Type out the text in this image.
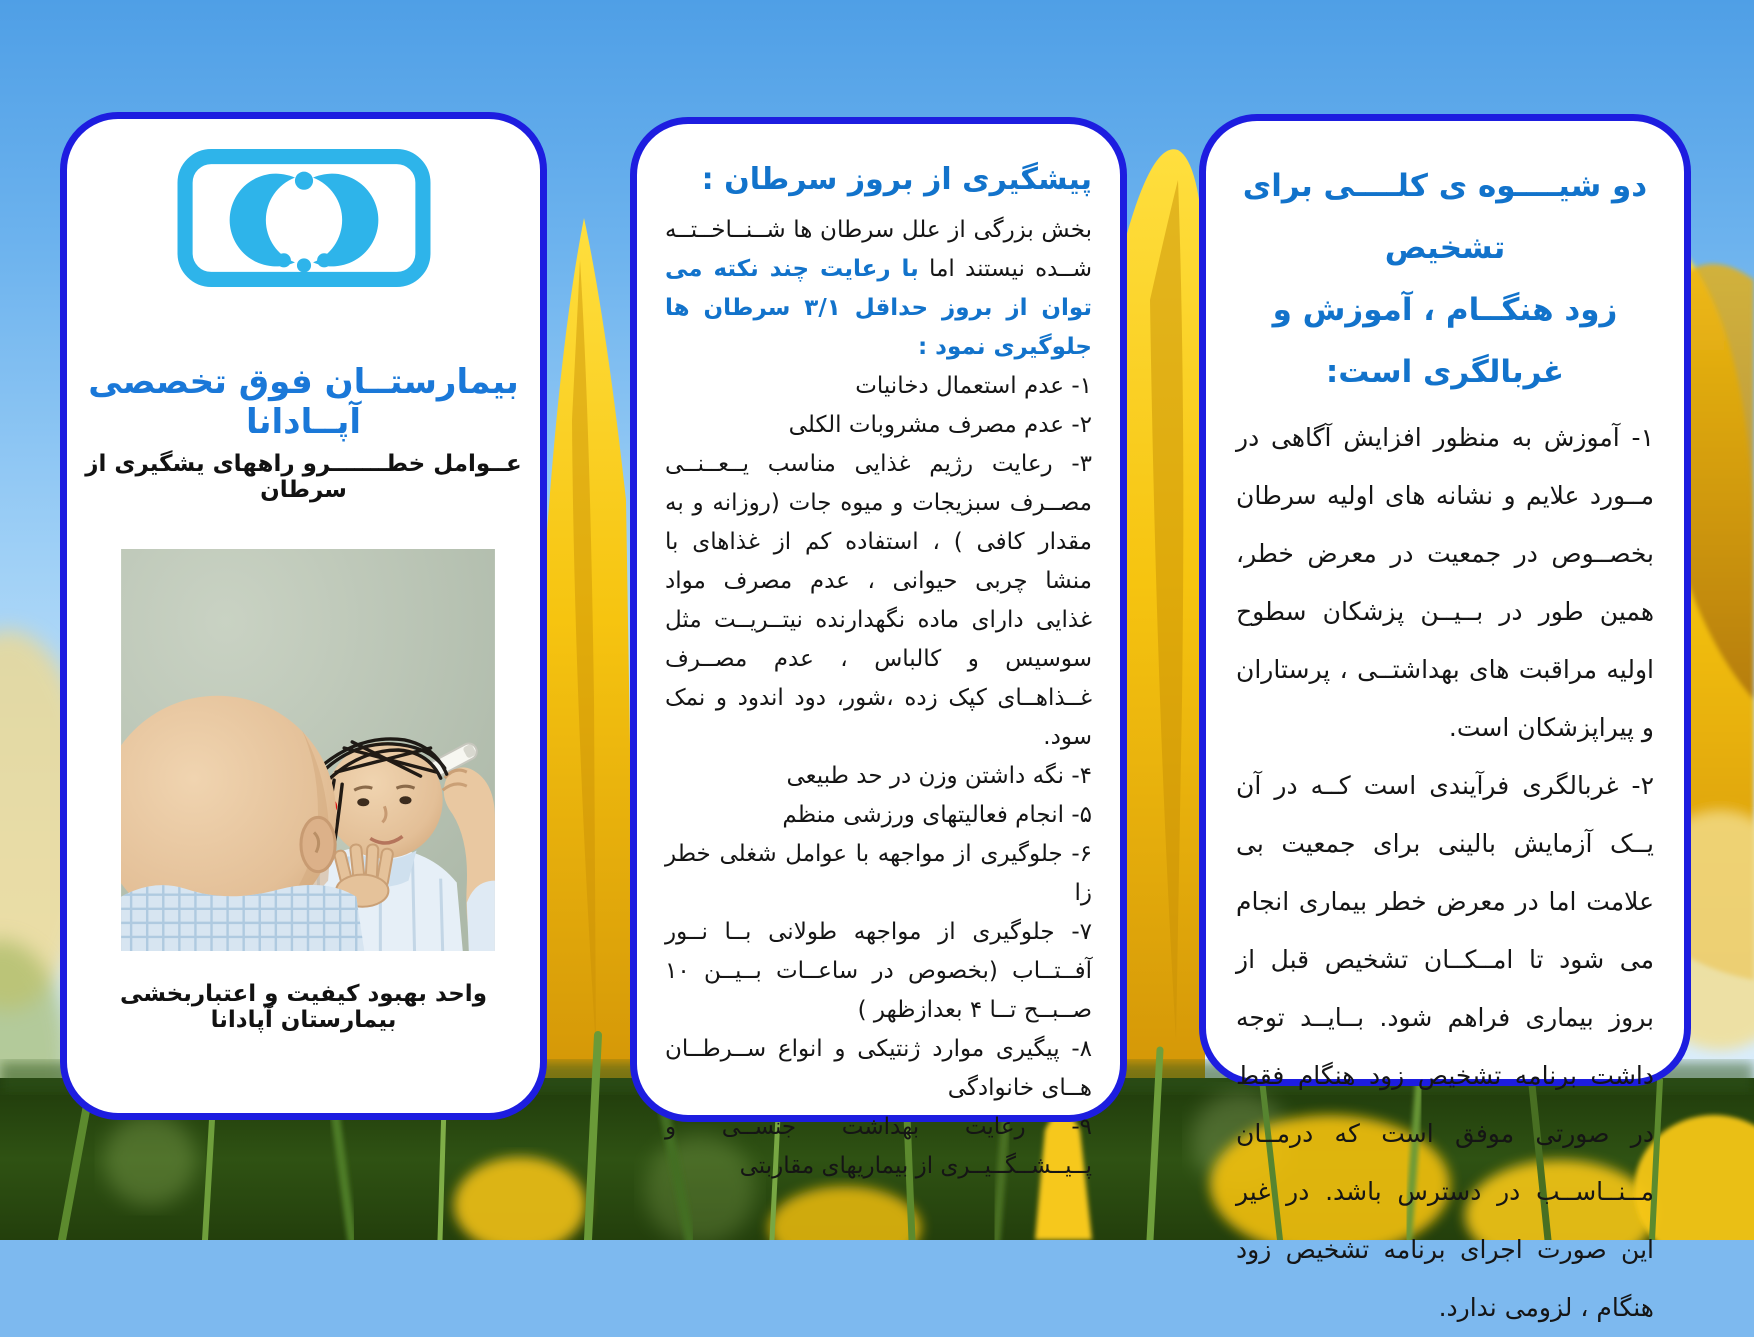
بیمارستــان فوق تخصصی آپــادانا
عــوامل خطـــــــرو راههای یشگیری از سرطان
واحد بهبود کیفیت و اعتباربخشی بیمارستان آپادانا
پیشگیری از بروز سرطان :

بخش بزرگی از علل سرطان ها شــنــاخــتــه شــده نیستند اما با رعایت چند نکته می توان از بروز حداقل ۳/۱ سرطان ها جلوگیری نمود :

۱- عدم استعمال دخانیات

۲- عدم مصرف مشروبات الکلی

۳- رعایت رژیم غذایی مناسب یــعــنــی مصــرف سبزیجات و میوه جات (روزانه و به مقدار کافی ) ، استفاده کم از غذاهای با منشا چربی حیوانی ، عدم مصرف مواد غذایی دارای ماده نگهدارنده نیتــریــت مثل سوسیس و کالباس ، عدم مصــرف غــذاهــای کپک زده ،شور، دود اندود و نمک سود.

۴- نگه داشتن وزن در حد طبیعی

۵- انجام فعالیتهای ورزشی منظم

۶- جلوگیری از مواجهه با عوامل شغلی خطر زا

۷- جلوگیری از مواجهه طولانی بــا نــور آفــتــاب (بخصوص در ساعــات بــیــن ۱۰ صــبــح تــا ۴ بعدازظهر )

۸- پیگیری موارد ژنتیکی و انواع ســرطــان هــای خانوادگی

۹- رعایت بهداشت جنســی و پــیــشــگــیــری از بیماریهای مقاربتی

دو شیــــوه ی کلــــی برای تشخیص
زود هنگــام ، آموزش و غربالگری است:

۱- آموزش به منظور افزایش آگاهی در مــورد علایم و نشانه های اولیه سرطان بخصــوص در جمعیت در معرض خطر، همین طور در بــیــن پزشکان سطوح اولیه مراقبت های بهداشتــی ، پرستاران و پیراپزشکان است.

۲- غربالگری فرآیندی است کــه در آن یــک آزمایش بالینی برای جمعیت بی علامت اما در معرض خطر بیماری انجام می شود تا امــکــان تشخیص قبل از بروز بیماری فراهم شود. بــایــد توجه داشت برنامه تشخیص زود هنگام فقط در صورتی موفق است که درمــان مــنــاســب در دسترس باشد. در غیر این صورت اجرای برنامه تشخیص زود هنگام ، لزومی ندارد.
